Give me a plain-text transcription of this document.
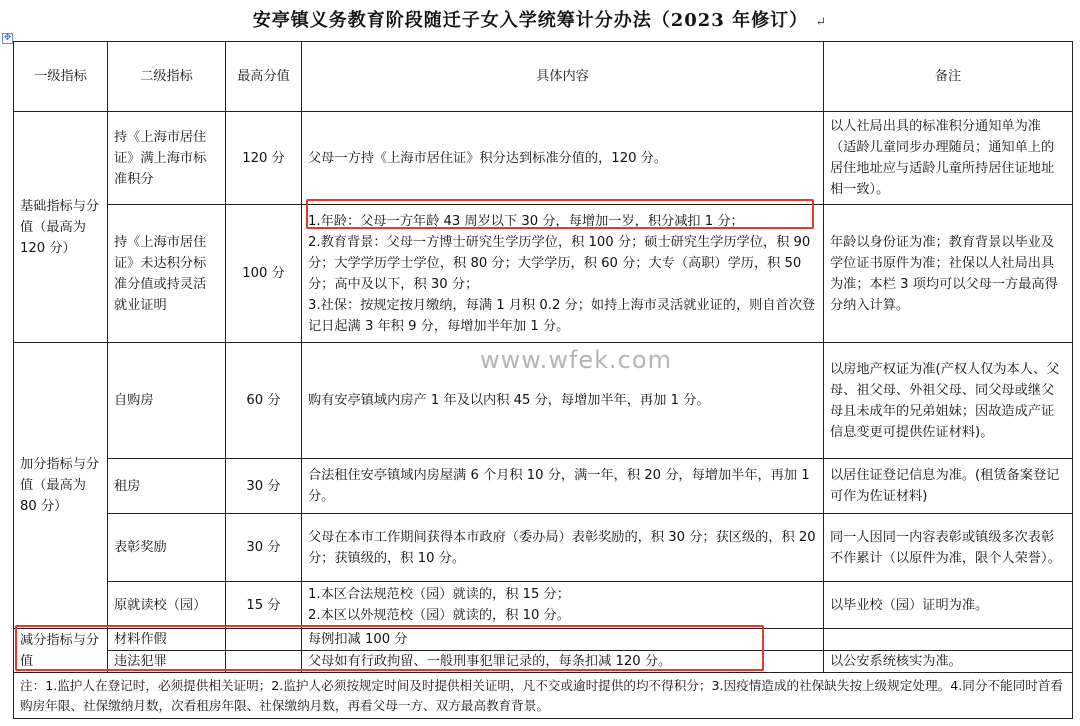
安亭镇义务教育阶段随迁子女入学统筹计分办法（2023 年修订） ↵
✥
一级指标	二级指标	最高分值	具体内容	备注
基础指标与分值（最高为 120 分）	持《上海市居住证》满上海市标准积分	120 分	父母一方持《上海市居住证》积分达到标准分值的，120 分。	以人社局出具的标准积分通知单为准（适龄儿童同步办理随员；通知单上的居住地址应与适龄儿童所持居住证地址相一致）。
	持《上海市居住证》未达积分标准分值或持灵活就业证明	100 分	1.年龄：父母一方年龄 43 周岁以下 30 分，每增加一岁，积分减扣 1 分；
2.教育背景：父母一方博士研究生学历学位，积 100 分；硕士研究生学历学位，积 90 分；大学学历学士学位，积 80 分；大学学历，积 60 分；大专（高职）学历，积 50 分；高中及以下，积 30 分；
3.社保：按规定按月缴纳，每满 1 月积 0.2 分；如持上海市灵活就业证的，则自首次登记日起满 3 年积 9 分，每增加半年加 1 分。	年龄以身份证为准；教育背景以毕业及学位证书原件为准；社保以人社局出具为准；本栏 3 项均可以父母一方最高得分纳入计算。
加分指标与分值（最高为 80 分）	自购房	60 分	购有安亭镇域内房产 1 年及以内积 45 分，每增加半年，再加 1 分。	以房地产权证为准(产权人仅为本人、父母、祖父母、外祖父母、同父母或继父母且未成年的兄弟姐妹；因故造成产证信息变更可提供佐证材料)。
	租房	30 分	合法租住安亭镇域内房屋满 6 个月积 10 分，满一年，积 20 分，每增加半年，再加 1 分。	以居住证登记信息为准。(租赁备案登记可作为佐证材料)
	表彰奖励	30 分	父母在本市工作期间获得本市政府（委办局）表彰奖励的，积 30 分；获区级的，积 20 分；获镇级的，积 10 分。	同一人因同一内容表彰或镇级多次表彰不作累计（以原件为准，限个人荣誉）。
	原就读校（园）	15 分	1.本区合法规范校（园）就读的，积 15 分；
2.本区以外规范校（园）就读的，积 10 分。	以毕业校（园）证明为准。
减分指标与分值	材料作假		每例扣减 100 分	

	违法犯罪		父母如有行政拘留、一般刑事犯罪记录的，每条扣减 120 分。	以公安系统核实为准。
注：1.监护人在登记时，必须提供相关证明；2.监护人必须按规定时间及时提供相关证明，凡不交或逾时提供的均不得积分；3.因疫情造成的社保缺失按上级规定处理。4.同分不能同时首看购房年限、社保缴纳月数，次看租房年限、社保缴纳月数，再看父母一方、双方最高教育背景。				
www.wfek.com
